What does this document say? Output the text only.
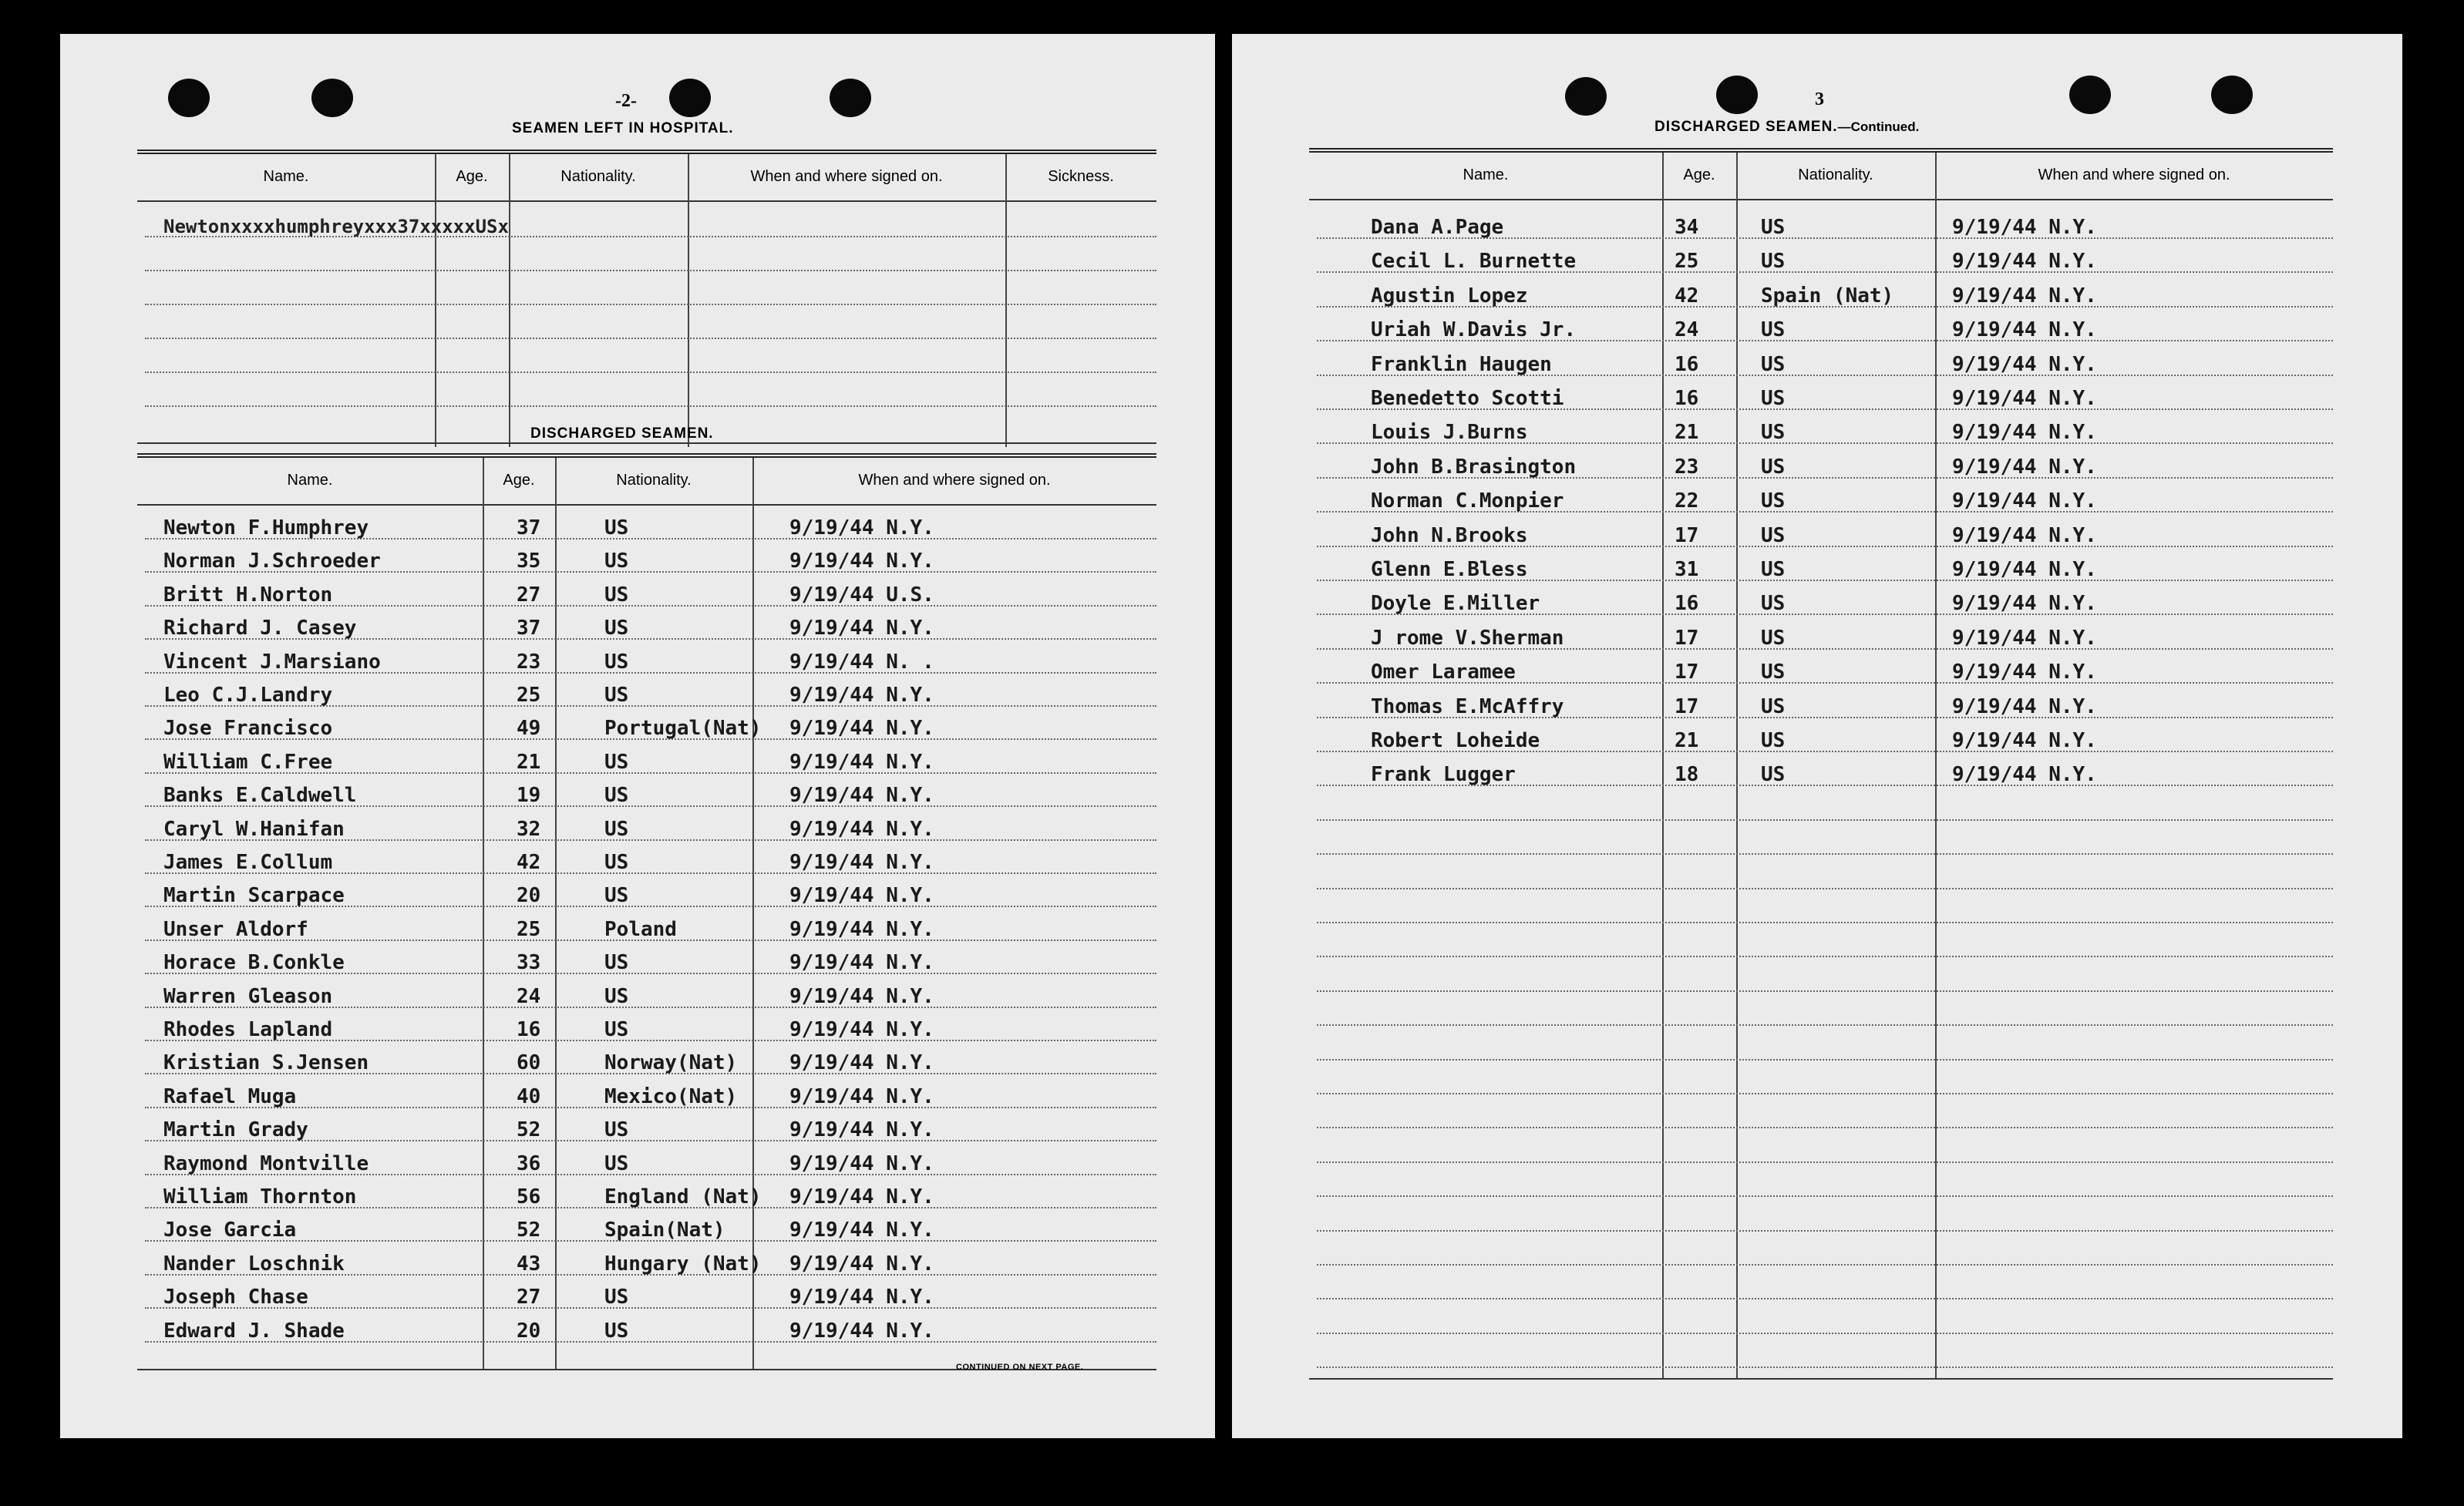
-2-
SEAMEN LEFT IN HOSPITAL.
Name.	Age.	Nationality.	When and where signed on.	Sickness.
Newtonxxxxhumphreyxxx37xxxxxUSx
DISCHARGED SEAMEN.
Name.	Age.	Nationality.	When and where signed on.
Newton F.Humphrey	37	US	9/19/44 N.Y.
Norman J.Schroeder	35	US	9/19/44 N.Y.
Britt H.Norton	27	US	9/19/44 U.S.
Richard J. Casey	37	US	9/19/44 N.Y.
Vincent J.Marsiano	23	US	9/19/44 N. .
Leo C.J.Landry	25	US	9/19/44 N.Y.
Jose Francisco	49	Portugal(Nat) 9/19/44 N.Y.
William C.Free	21	US	9/19/44 N.Y.
Banks E.Caldwell	19	US	9/19/44 N.Y.
Caryl W.Hanifan	32	US	9/19/44 N.Y.
James E.Collum	42	US	9/19/44 N.Y.
Martin Scarpace	20	US	9/19/44 N.Y.
Unser Aldorf	25	Poland	9/19/44 N.Y.
Horace B.Conkle	33	US	9/19/44 N.Y.
Warren Gleason	24	US	9/19/44 N.Y.
Rhodes Lapland	16	US	9/19/44 N.Y.
Kristian S.Jensen	60	Norway(Nat)	9/19/44 N.Y.
Rafael Muga	40	Mexico(Nat)	9/19/44 N.Y.
Martin Grady	52	US	9/19/44 N.Y.
Raymond Montville	36	US	9/19/44 N.Y.
William Thornton	56	England (Nat) 9/19/44 N.Y.
Jose Garcia	52	Spain(Nat)	9/19/44 N.Y.
Nander Loschnik	43	Hungary (Nat) 9/19/44 N.Y.
Joseph Chase	27	US	9/19/44 N.Y.
Edward J. Shade	20	US	9/19/44 N.Y.
CONTINUED ON NEXT PAGE.
3
DISCHARGED SEAMEN.—Continued.
Name.	Age.	Nationality.	When and where signed on.
Dana A.Page	34	US	9/19/44 N.Y.
Cecil L. Burnette	25	US	9/19/44 N.Y.
Agustin Lopez	42	Spain (Nat)	9/19/44 N.Y.
Uriah W.Davis Jr.	24	US	9/19/44 N.Y.
Franklin Haugen	16	US	9/19/44 N.Y.
Benedetto Scotti	16	US	9/19/44 N.Y.
Louis J.Burns	21	US	9/19/44 N.Y.
John B.Brasington	23	US	9/19/44 N.Y.
Norman C.Monpier	22	US	9/19/44 N.Y.
John N.Brooks	17	US	9/19/44 N.Y.
Glenn E.Bless	31	US	9/19/44 N.Y.
Doyle E.Miller	16	US	9/19/44 N.Y.
J rome V.Sherman	17	US	9/19/44 N.Y.
Omer Laramee	17	US	9/19/44 N.Y.
Thomas E.McAffry	17	US	9/19/44 N.Y.
Robert Loheide	21	US	9/19/44 N.Y.
Frank Lugger	18	US	9/19/44 N.Y.
